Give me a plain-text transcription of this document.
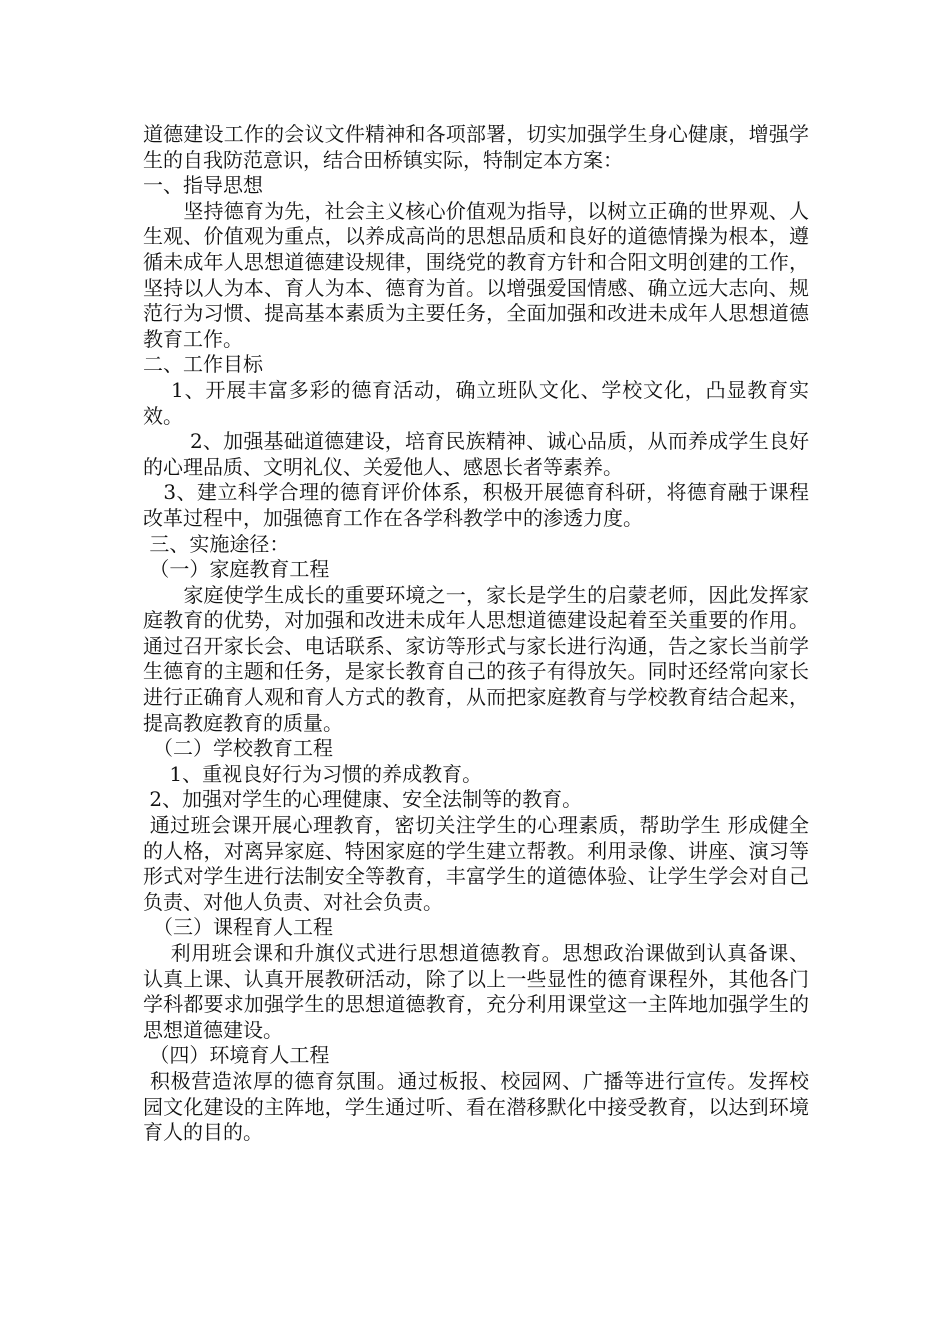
道德建设工作的会议文件精神和各项部署，切实加强学生身心健康，增强学生的自我防范意识，结合田桥镇实际，特制定本方案：

一、指导思想

　　坚持德育为先，社会主义核心价值观为指导，以树立正确的世界观、人生观、价值观为重点，以养成高尚的思想品质和良好的道德情操为根本，遵循未成年人思想道德建设规律，围绕党的教育方针和合阳文明创建的工作，坚持以人为本、育人为本、德育为首。以增强爱国情感、确立远大志向、规范行为习惯、提高基本素质为主要任务，全面加强和改进未成年人思想道德教育工作。

二、工作目标

　 1、开展丰富多彩的德育活动，确立班队文化、学校文化，凸显教育实效。

　　 2、加强基础道德建设，培育民族精神、诚心品质，从而养成学生良好的心理品质、文明礼仪、关爱他人、感恩长者等素养。

　3、建立科学合理的德育评价体系，积极开展德育科研，将德育融于课程改革过程中，加强德育工作在各学科教学中的渗透力度。

三、实施途径：

（一）家庭教育工程

　　家庭使学生成长的重要环境之一，家长是学生的启蒙老师，因此发挥家庭教育的优势，对加强和改进未成年人思想道德建设起着至关重要的作用。通过召开家长会、电话联系、家访等形式与家长进行沟通，告之家长当前学生德育的主题和任务，是家长教育自己的孩子有得放矢。同时还经常向家长进行正确育人观和育人方式的教育，从而把家庭教育与学校教育结合起来，提高教庭教育的质量。

　（二）学校教育工程

　 1、重视良好行为习惯的养成教育。

2、加强对学生的心理健康、安全法制等的教育。

通过班会课开展心理教育，密切关注学生的心理素质，帮助学生 形成健全的人格，对离异家庭、特困家庭的学生建立帮教。利用录像、讲座、演习等形式对学生进行法制安全等教育，丰富学生的道德体验、让学生学会对自己负责、对他人负责、对社会负责。

　（三）课程育人工程

　 利用班会课和升旗仪式进行思想道德教育。思想政治课做到认真备课、认真上课、认真开展教研活动，除了以上一些显性的德育课程外，其他各门学科都要求加强学生的思想道德教育，充分利用课堂这一主阵地加强学生的思想道德建设。

（四）环境育人工程

积极营造浓厚的德育氛围。通过板报、校园网、广播等进行宣传。发挥校园文化建设的主阵地，学生通过听、看在潜移默化中接受教育，以达到环境育人的目的。
